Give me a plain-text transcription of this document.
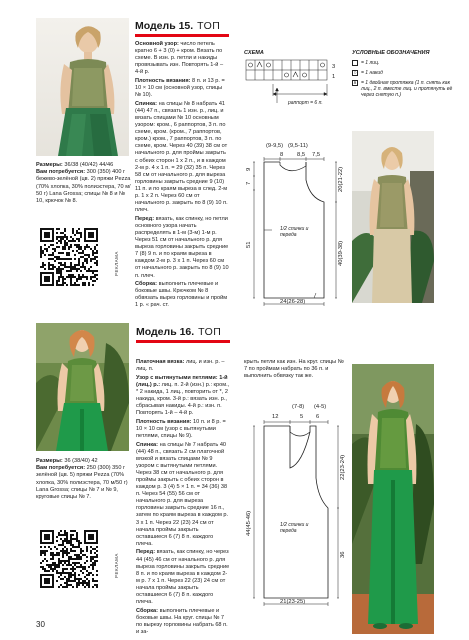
Модель 15. ТОП

Основной узор: число петель кратно 6 + 3 (0) + кром. Вязать по схеме. В изн. р. петли и накиды провязывать изн. Повторять 1-й – 4-й р.

Плотность вязания: 8 п. и 13 р. = 10 × 10 см (основной узор, спицы № 10).

Спинка: на спицы № 8 набрать 41 (44) 47 п., связать 1 изн. р., лиц. и вязать спицами № 10 основным узором: кром., 6 раппортов, 3 п. по схеме, кром. (кром., 7 раппортов, кром.) кром., 7 раппортов, 3 п. по схеме, кром. Через 40 (39) 38 см от начального р. для проймы закрыть с обеих сторон 1 х 2 п., и в каждом 2-м р. 4 х 1 п. = 29 (32) 35 п. Через 58 см от начального р. для выреза горловины закрыть средние 9 (10) 11 п. и по краям выреза в след. 2-м р. 1 х 2 п. Через 60 см от начального р. закрыть по 8 (9) 10 п. плеч.

Перед: вязать, как спинку, но петли основного узора начать распределять в 1-м (3-м) 1-м р. Через 51 см от начального р. для выреза горловины закрыть средние 7 (8) 9 п. и по краям выреза в каждом 2-м р. 3 х 1 п. Через 60 см от начального р. закрыть по 8 (9) 10 п. плеч.

Сборка: выполнить плечевые и боковые швы. Крючком № 8 обвязать вырез горловины и пройм 1 р. « рач. ст.

Размеры: 36/38 (40/42) 44/46
Вам потребуется: 300 (350) 400 г бежево-зелёной (цв. 2) пряжи Pezza (70% хлопка, 30% полиэстера, 70 м/ 50 г) Lana Grossa; спицы № 8 и № 10, крючок № 8.
РЕКЛАМА
СХЕМА
3
1
раппорт = 6 п.
УСЛОВНЫЕ ОБОЗНАЧЕНИЯ
= 1 лиц.
○ = 1 накид
∧ = 1 двойная протяжка (1 п. снять как лиц., 2 п. вместе лиц. и протянуть её через снятую п.)
(9-9,5) (9,5-11)
8 8,5 7,5
9
7
51
20(21-22)
40(39-38)
24(26-28)
1/2 спинки и переда
Модель 16. ТОП

Платочная вязка: лиц. и изн. р. – лиц. п.

Узор с вытянутыми петлями: 1-й (лиц.) р.: лиц. п. 2-й (изн.) р.: кром., * 2 накида, 1 лиц., повторить от *, 2 накида, кром. 3-й р.: вязать изн. р., сбрасывая накиды. 4-й р.: изн. п. Повторять 1-й – 4-й р.

Плотность вязания: 10 п. и 8 р. = 10 × 10 см (узор с вытянутыми петлями, спицы № 9).

Спинка: на спицы № 7 набрать 40 (44) 48 п., связать 2 см платочной вязкой и вязать спицами № 9 узором с вытянутыми петлями. Через 38 см от начального р. для проймы закрыть с обеих сторон в каждом р. 3 (4) 5 × 1 п. = 34 (36) 38 п. Через 54 (55) 56 см от начального р. для выреза горловины закрыть средние 16 п., затем по краям выреза в каждом р. 3 х 1 п. Через 22 (23) 24 см от начала проймы закрыть оставшиеся 6 (7) 8 п. каждого плеча.

Перед: вязать, как спинку, но через 44 (45) 46 см от начального р. для выреза горловины закрыть средние 8 п. и по краям выреза в каждом 2-м р. 7 х 1 п. Через 22 (23) 24 см от начала проймы закрыть оставшиеся 6 (7) 8 п. каждого плеча.

Сборка: выполнить плечевые и боковые швы. На круг. спицы № 7 по вырезу горловины набрать 68 п. и за-

крыть петли как изн. На круг. спицы № 7 по проймам набрать по 36 п. и выполнить обвязку так же.
Размеры: 36 (38/40) 42
Вам потребуется: 250 (300) 350 г зелёной (цв. 5) пряжи Pezza (70% хлопка, 30% полиэстера, 70 м/50 г) Lana Grossa; спицы № 7 и № 9, круговые спицы № 7.
РЕКЛАМА
(7-8) (4-5)
12	5 6
44(45-46)
22(23-24)
36
21(23-25)
1/2 спинки и переда
30
